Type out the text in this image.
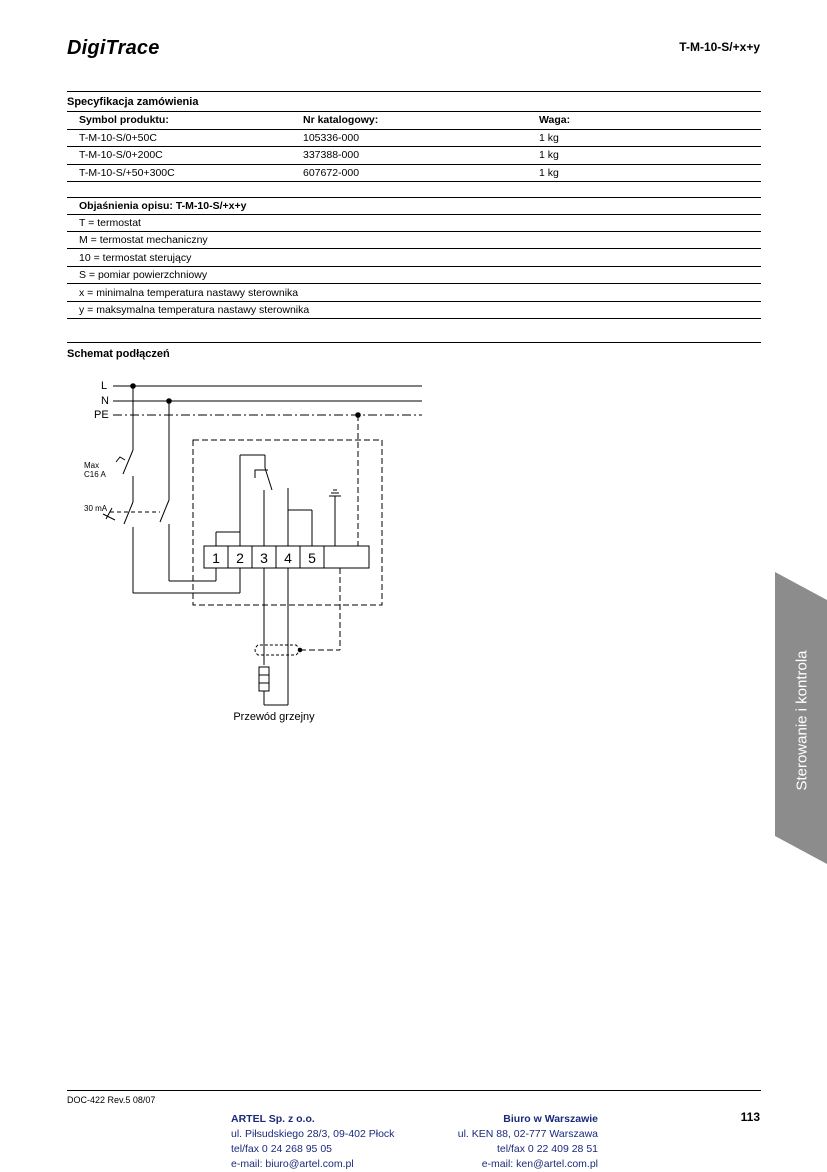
DigiTrace	T-M-10-S/+x+y
Specyfikacja zamówienia
Symbol produktu:	Nr katalogowy:	Waga:
T-M-10-S/0+50C	105336-000	1 kg
T-M-10-S/0+200C	337388-000	1 kg
T-M-10-S/+50+300C	607672-000	1 kg
Objaśnienia opisu: T-M-10-S/+x+y
T = termostat
M = termostat mechaniczny
10 = termostat sterujący
S = pomiar powierzchniowy
x = minimalna temperatura nastawy sterownika
y = maksymalna temperatura nastawy sterownika
Schemat podłączeń
L
N
PE
Max
C16 A
30 mA
1 2 3 4 5
Przewód grzejny	Sterowanie i kontrola
DOC-422 Rev.5 08/07
ARTEL Sp. z o.o.
ul. Piłsudskiego 28/3, 09-402 Płock
tel/fax 0 24 268 95 05
e-mail: biuro@artel.com.pl
Biuro w Warszawie
ul. KEN 88, 02-777 Warszawa
tel/fax 0 22 409 28 51
e-mail: ken@artel.com.pl
113
